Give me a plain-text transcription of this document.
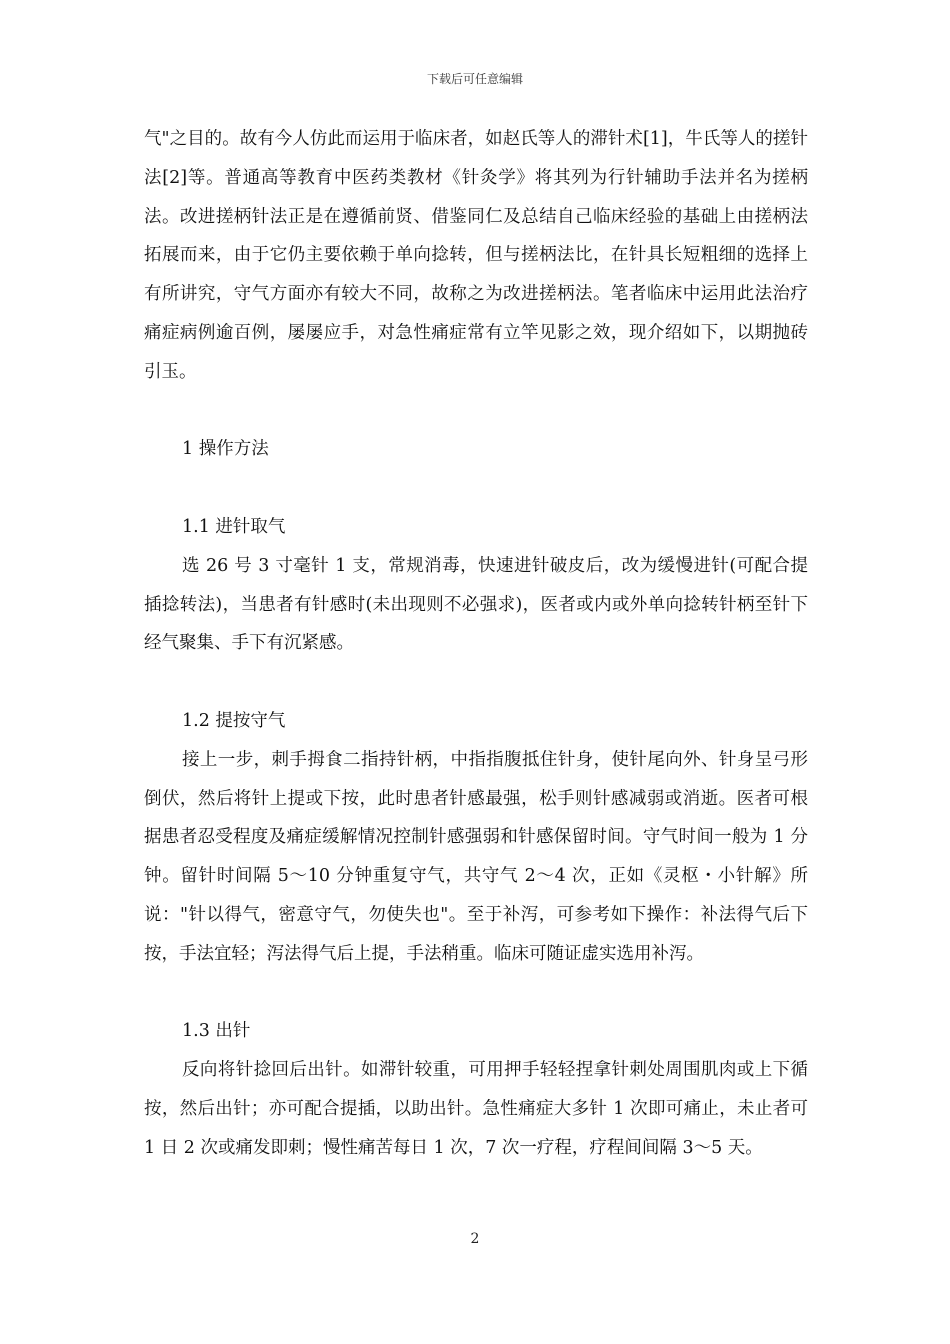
下载后可任意编辑

气"之目的。故有今人仿此而运用于临床者，如赵氏等人的滞针术[1]，牛氏等人的搓针法[2]等。普通高等教育中医药类教材《针灸学》将其列为行针辅助手法并名为搓柄法。改进搓柄针法正是在遵循前贤、借鉴同仁及总结自己临床经验的基础上由搓柄法拓展而来，由于它仍主要依赖于单向捻转，但与搓柄法比，在针具长短粗细的选择上有所讲究，守气方面亦有较大不同，故称之为改进搓柄法。笔者临床中运用此法治疗痛症病例逾百例，屡屡应手，对急性痛症常有立竿见影之效，现介绍如下，以期抛砖引玉。

1 操作方法

1.1 进针取气

选 26 号 3 寸毫针 1 支，常规消毒，快速进针破皮后，改为缓慢进针(可配合提插捻转法)，当患者有针感时(未出现则不必强求)，医者或内或外单向捻转针柄至针下经气聚集、手下有沉紧感。

1.2 提按守气

接上一步，刺手拇食二指持针柄，中指指腹抵住针身，使针尾向外、针身呈弓形倒伏，然后将针上提或下按，此时患者针感最强，松手则针感减弱或消逝。医者可根据患者忍受程度及痛症缓解情况控制针感强弱和针感保留时间。守气时间一般为 1 分钟。留针时间隔 5～10 分钟重复守气，共守气 2～4 次，正如《灵枢・小针解》所说："针以得气，密意守气，勿使失也"。至于补泻，可参考如下操作：补法得气后下按，手法宜轻；泻法得气后上提，手法稍重。临床可随证虚实选用补泻。

1.3 出针

反向将针捻回后出针。如滞针较重，可用押手轻轻捏拿针刺处周围肌肉或上下循按，然后出针；亦可配合提插，以助出针。急性痛症大多针 1 次即可痛止，未止者可 1 日 2 次或痛发即刺；慢性痛苦每日 1 次，7 次一疗程，疗程间间隔 3～5 天。

2
